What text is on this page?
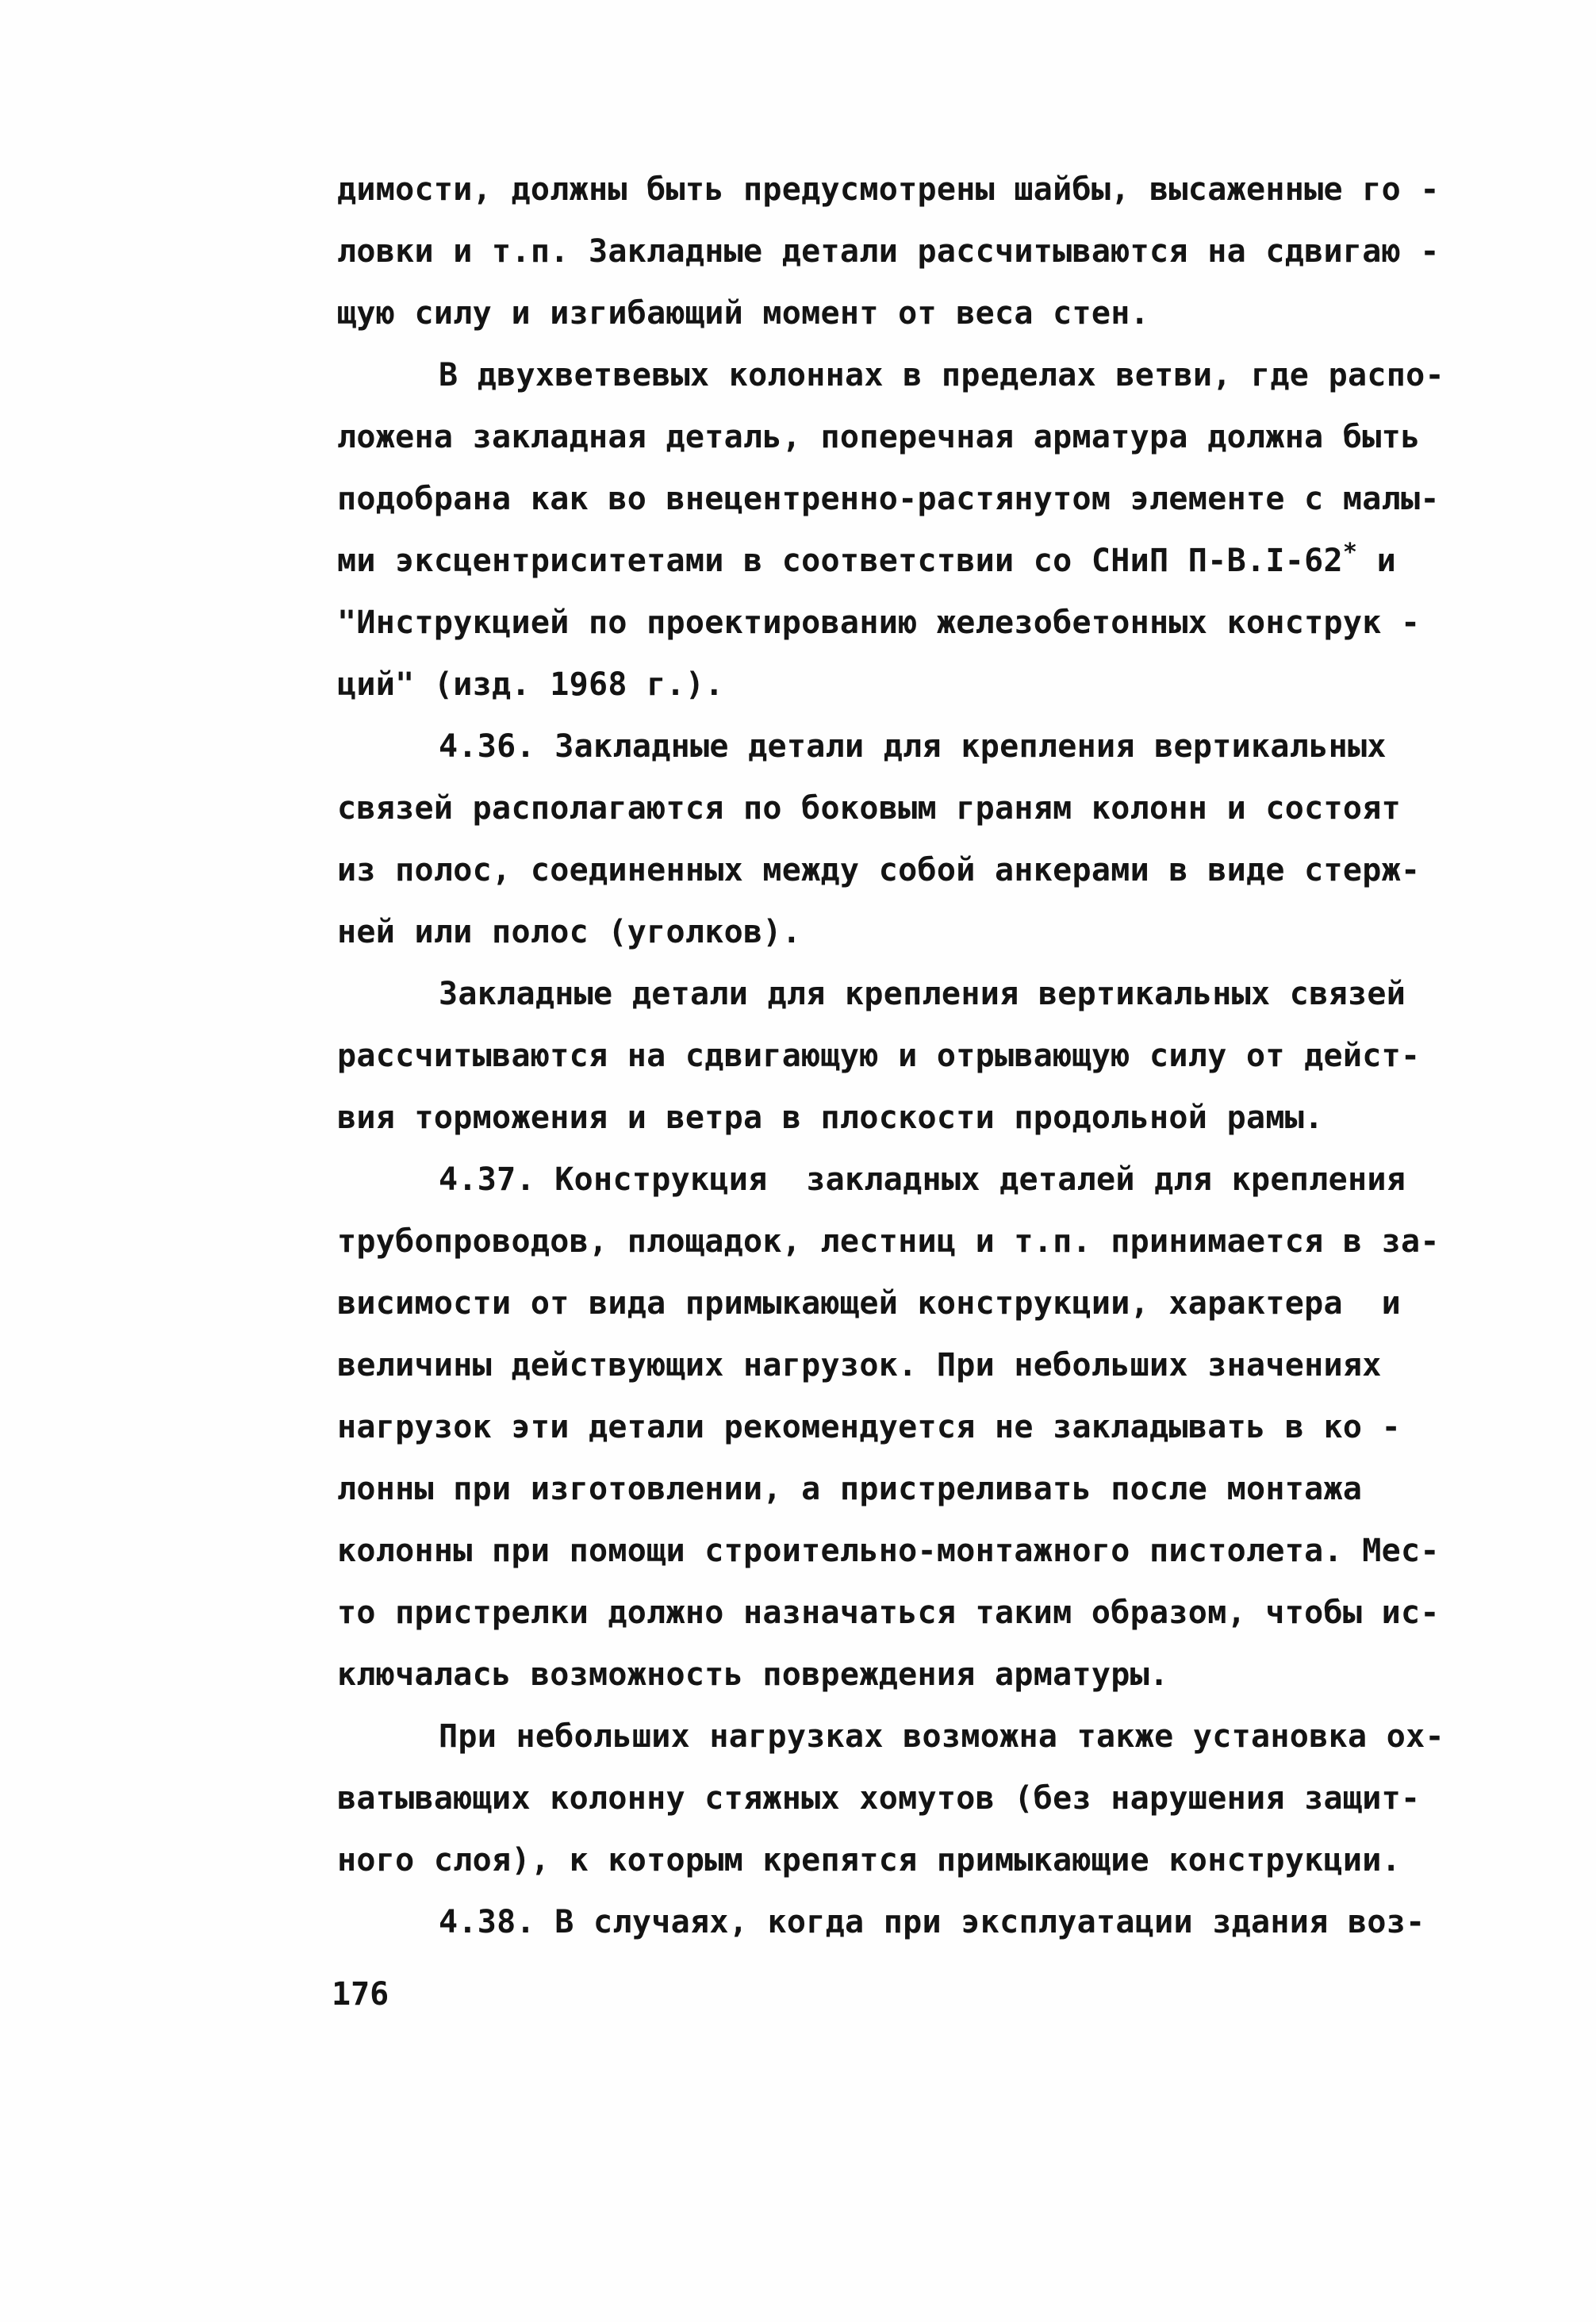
димости, должны быть предусмотрены шайбы, высаженные го -
ловки и т.п. Закладные детали рассчитываются на сдвигаю -
щую силу и изгибающий момент от веса стен.
В двухветвевых колоннах в пределах ветви, где распо-
ложена закладная деталь, поперечная арматура должна быть
подобрана как во внецентренно-растянутом элементе с малы-
ми эксцентриситетами в соответствии со СНиП П-В.I-62* и
"Инструкцией по проектированию железобетонных конструк -
ций" (изд. 1968 г.).
4.36. Закладные детали для крепления вертикальных
связей располагаются по боковым граням колонн и состоят
из полос, соединенных между собой анкерами в виде стерж-
ней или полос (уголков).
Закладные детали для крепления вертикальных связей
рассчитываются на сдвигающую и отрывающую силу от дейст-
вия торможения и ветра в плоскости продольной рамы.
4.37. Конструкция  закладных деталей для крепления
трубопроводов, площадок, лестниц и т.п. принимается в за-
висимости от вида примыкающей конструкции, характера  и
величины действующих нагрузок. При небольших значениях
нагрузок эти детали рекомендуется не закладывать в ко -
лонны при изготовлении, а пристреливать после монтажа
колонны при помощи строительно-монтажного пистолета. Мес-
то пристрелки должно назначаться таким образом, чтобы ис-
ключалась возможность повреждения арматуры.
При небольших нагрузках возможна также установка ох-
ватывающих колонну стяжных хомутов (без нарушения защит-
ного слоя), к которым крепятся примыкающие конструкции.
4.38. В случаях, когда при эксплуатации здания воз-
176
